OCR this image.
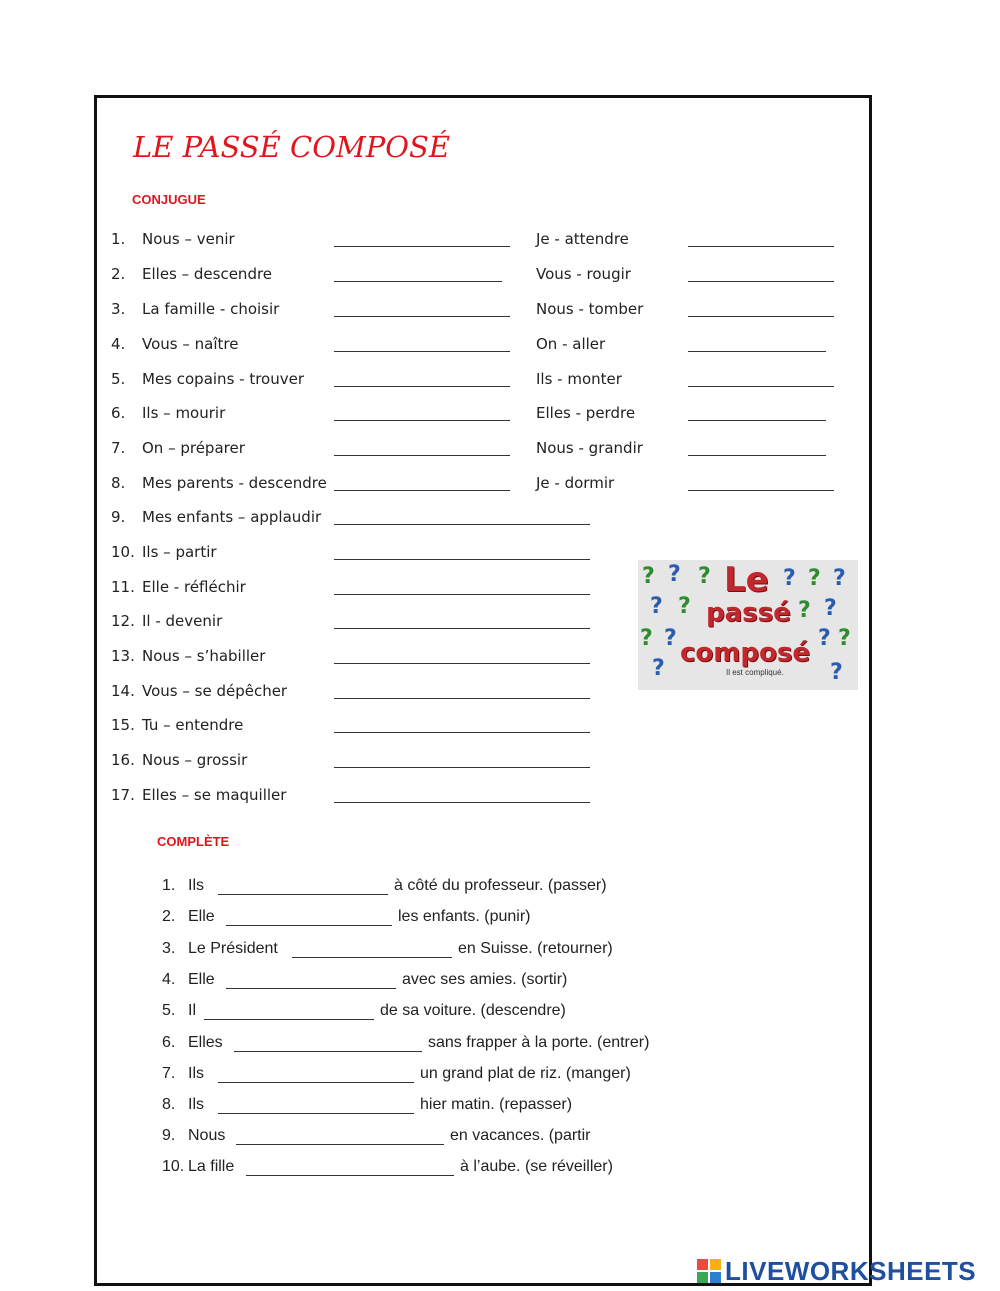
LE PASSÉ COMPOSÉ
CONJUGUE
1.	Nous – venir	Je - attendre
2.	Elles – descendre	Vous - rougir
3.	La famille - choisir	Nous - tomber
4.	Vous – naître	On - aller
5.	Mes copains - trouver	Ils - monter
6.	Ils – mourir	Elles - perdre
7.	On – préparer	Nous - grandir
8.	Mes parents - descendre	Je - dormir
9.	Mes enfants – applaudir
10. Ils – partir
11. Elle - réfléchir
12. Il - devenir
13. Nous – s’habiller
14. Vous – se dépêcher
15. Tu – entendre
16. Nous – grossir
17. Elles – se maquiller
? ? ?	? ? ?
? ?	? ?
? ?	? ?
?	?
Le
passé
composé
Il est compliqué.
COMPLÈTE
1. Ils	à côté du professeur. (passer)
2. Elle	les enfants. (punir)
3. Le Président	en Suisse. (retourner)
4. Elle	avec ses amies. (sortir)
5. Il	de sa voiture. (descendre)
6. Elles	sans frapper à la porte. (entrer)
7. Ils	un grand plat de riz. (manger)
8. Ils	hier matin. (repasser)
9. Nous	en vacances. (partir
10. La fille	à l’aube. (se réveiller)
LIVEWORKSHEETS
